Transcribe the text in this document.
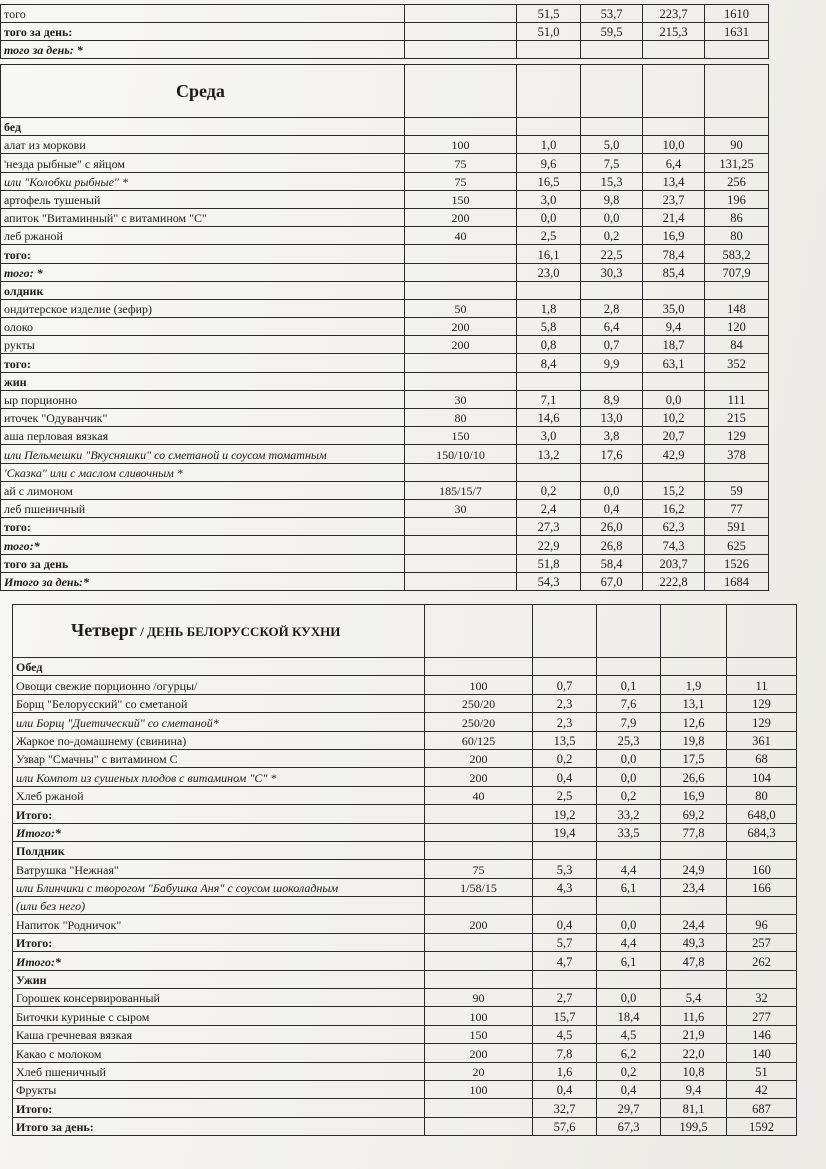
того		51,5	53,7	223,7	1610
того за день:		51,0	59,5	215,3	1631
того за день: *					
Среда					
бед					
алат из моркови	100	1,0	5,0	10,0	90
'незда рыбные" с яйцом	75	9,6	7,5	6,4	131,25
или "Колобки рыбные" *	75	16,5	15,3	13,4	256
артофель тушеный	150	3,0	9,8	23,7	196
апиток "Витаминный" с витамином "С"	200	0,0	0,0	21,4	86
леб ржаной	40	2,5	0,2	16,9	80
того:		16,1	22,5	78,4	583,2
того: *		23,0	30,3	85,4	707,9
олдник					
ондитерское изделие (зефир)	50	1,8	2,8	35,0	148
олоко	200	5,8	6,4	9,4	120
рукты	200	0,8	0,7	18,7	84
того:		8,4	9,9	63,1	352
жин					
ыр порционно	30	7,1	8,9	0,0	111
иточек "Одуванчик"	80	14,6	13,0	10,2	215
аша перловая вязкая	150	3,0	3,8	20,7	129
или Пельмешки "Вкусняшки" со сметаной и соусом томатным	150/10/10	13,2	17,6	42,9	378
'Сказка" или с маслом сливочным *					
ай с лимоном	185/15/7	0,2	0,0	15,2	59
леб пшеничный	30	2,4	0,4	16,2	77
того:		27,3	26,0	62,3	591
того:*		22,9	26,8	74,3	625
того за день		51,8	58,4	203,7	1526
Итого за день:*		54,3	67,0	222,8	1684
Четверг / ДЕНЬ БЕЛОРУССКОЙ КУХНИ					
Обед					
Овощи свежие порционно /огурцы/	100	0,7	0,1	1,9	11
Борщ "Белорусский" со сметаной	250/20	2,3	7,6	13,1	129
или Борщ "Диетический" со сметаной*	250/20	2,3	7,9	12,6	129
Жаркое по-домашнему (свинина)	60/125	13,5	25,3	19,8	361
Узвар "Смачны" с витамином С	200	0,2	0,0	17,5	68
или Компот из сушеных плодов с витамином "С" *	200	0,4	0,0	26,6	104
Хлеб ржаной	40	2,5	0,2	16,9	80
Итого:		19,2	33,2	69,2	648,0
Итого:*		19,4	33,5	77,8	684,3
Полдник					
Ватрушка "Нежная"	75	5,3	4,4	24,9	160
или Блинчики с творогом "Бабушка Аня" с соусом шоколадным	1/58/15	4,3	6,1	23,4	166
(или без него)					
Напиток "Родничок"	200	0,4	0,0	24,4	96
Итого:		5,7	4,4	49,3	257
Итого:*		4,7	6,1	47,8	262
Ужин					
Горошек консервированный	90	2,7	0,0	5,4	32
Биточки куриные с сыром	100	15,7	18,4	11,6	277
Каша гречневая вязкая	150	4,5	4,5	21,9	146
Какао с молоком	200	7,8	6,2	22,0	140
Хлеб пшеничный	20	1,6	0,2	10,8	51
Фрукты	100	0,4	0,4	9,4	42
Итого:		32,7	29,7	81,1	687
Итого за день:		57,6	67,3	199,5	1592
